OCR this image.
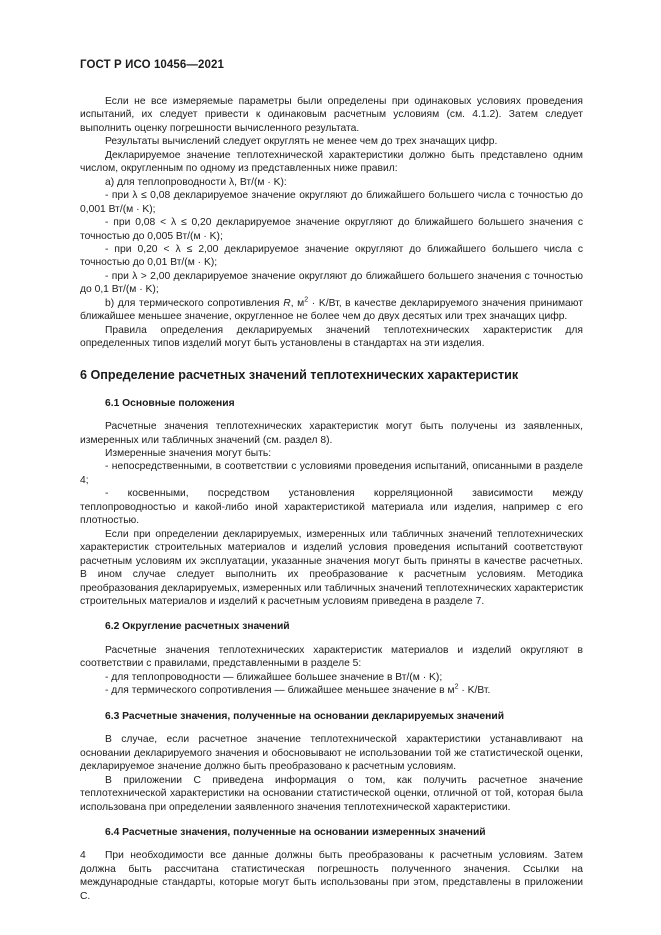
ГОСТ Р ИСО 10456—2021

Если не все измеряемые параметры были определены при одинаковых условиях проведения испытаний, их следует привести к одинаковым расчетным условиям (см. 4.1.2). Затем следует выполнить оценку погрешности вычисленного результата.

Результаты вычислений следует округлять не менее чем до трех значащих цифр.

Декларируемое значение теплотехнической характеристики должно быть представлено одним числом, округленным по одному из представленных ниже правил:

а) для теплопроводности λ, Вт/(м · K):

- при λ ≤ 0,08 декларируемое значение округляют до ближайшего большего числа с точностью до 0,001 Вт/(м · K);

- при 0,08 < λ ≤ 0,20 декларируемое значение округляют до ближайшего большего значения с точностью до 0,005 Вт/(м · K);

- при 0,20 < λ ≤ 2,00 декларируемое значение округляют до ближайшего большего числа с точностью до 0,01 Вт/(м · K);

- при λ > 2,00 декларируемое значение округляют до ближайшего большего значения с точностью до 0,1 Вт/(м · K);

b) для термического сопротивления R, $м^2 \cdot K/Вт$, в качестве декларируемого значения принимают ближайшее меньшее значение, округленное не более чем до двух десятых или трех значащих цифр.

Правила определения декларируемых значений теплотехнических характеристик для определенных типов изделий могут быть установлены в стандартах на эти изделия.

6 Определение расчетных значений теплотехнических характеристик
6.1 Основные положения

Расчетные значения теплотехнических характеристик могут быть получены из заявленных, измеренных или табличных значений (см. раздел 8).

Измеренные значения могут быть:

- непосредственными, в соответствии с условиями проведения испытаний, описанными в разделе 4;

- косвенными, посредством установления корреляционной зависимости между теплопроводностью и какой-либо иной характеристикой материала или изделия, например с его плотностью.

Если при определении декларируемых, измеренных или табличных значений теплотехнических характеристик строительных материалов и изделий условия проведения испытаний соответствуют расчетным условиям их эксплуатации, указанные значения могут быть приняты в качестве расчетных. В ином случае следует выполнить их преобразование к расчетным условиям. Методика преобразования декларируемых, измеренных или табличных значений теплотехнических характеристик строительных материалов и изделий к расчетным условиям приведена в разделе 7.

6.2 Округление расчетных значений

Расчетные значения теплотехнических характеристик материалов и изделий округляют в соответствии с правилами, представленными в разделе 5:

- для теплопроводности — ближайшее большее значение в Вт/(м · K);

- для термического сопротивления — ближайшее меньшее значение в $м^2 \cdot K/Вт$.

6.3 Расчетные значения, полученные на основании декларируемых значений

В случае, если расчетное значение теплотехнической характеристики устанавливают на основании декларируемого значения и обосновывают не использовании той же статистической оценки, декларируемое значение должно быть преобразовано к расчетным условиям.

В приложении С приведена информация о том, как получить расчетное значение теплотехнической характеристики на основании статистической оценки, отличной от той, которая была использована при определении заявленного значения теплотехнической характеристики.

6.4 Расчетные значения, полученные на основании измеренных значений

При необходимости все данные должны быть преобразованы к расчетным условиям. Затем должна быть рассчитана статистическая погрешность полученного значения. Ссылки на международные стандарты, которые могут быть использованы при этом, представлены в приложении С.

4
